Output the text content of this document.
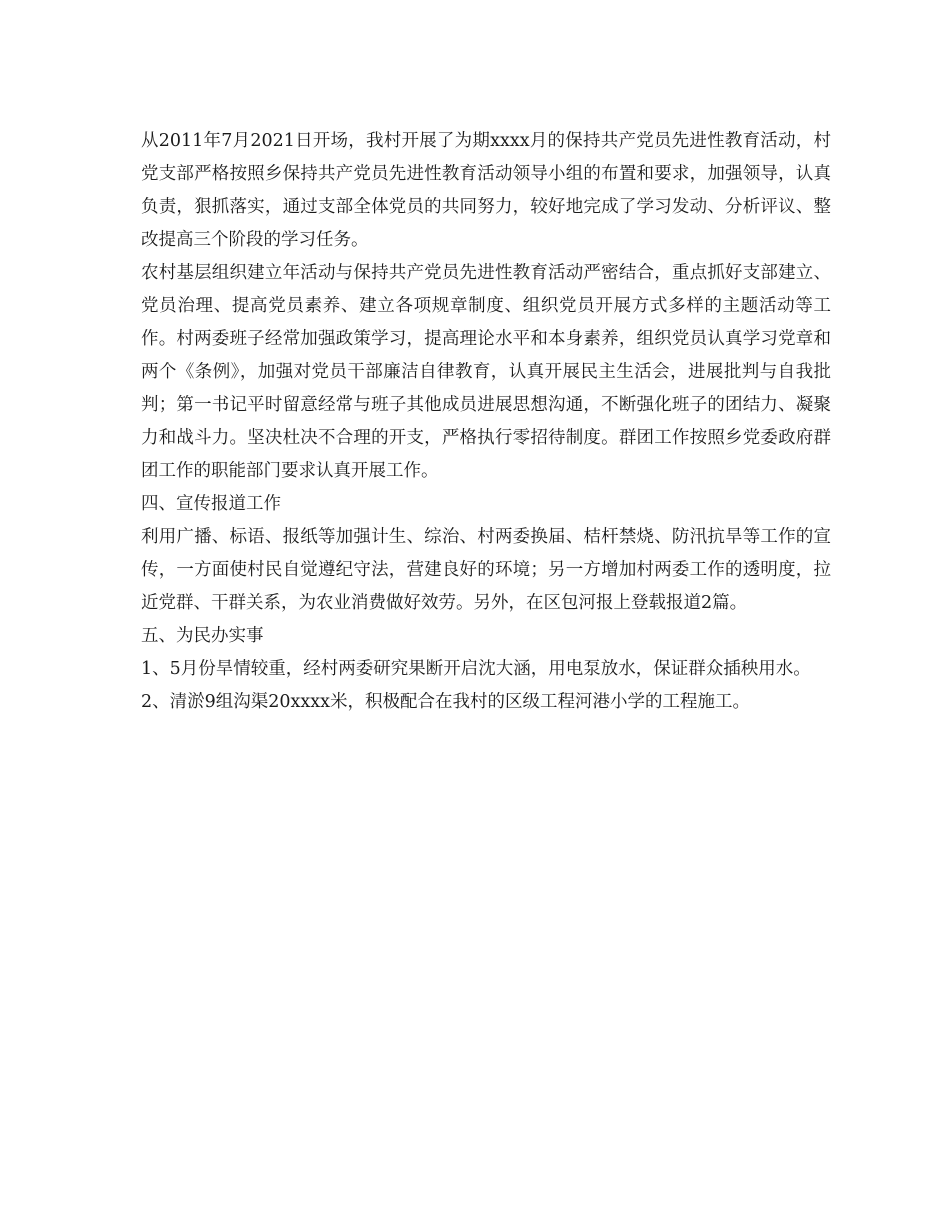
从2011年7月2021日开场，我村开展了为期xxxx月的保持共产党员先进性教育活动，村党支部严格按照乡保持共产党员先进性教育活动领导小组的布置和要求，加强领导，认真负责，狠抓落实，通过支部全体党员的共同努力，较好地完成了学习发动、分析评议、整改提高三个阶段的学习任务。

农村基层组织建立年活动与保持共产党员先进性教育活动严密结合，重点抓好支部建立、党员治理、提高党员素养、建立各项规章制度、组织党员开展方式多样的主题活动等工作。村两委班子经常加强政策学习，提高理论水平和本身素养，组织党员认真学习党章和两个《条例》，加强对党员干部廉洁自律教育，认真开展民主生活会，进展批判与自我批判；第一书记平时留意经常与班子其他成员进展思想沟通，不断强化班子的团结力、凝聚力和战斗力。坚决杜决不合理的开支，严格执行零招待制度。群团工作按照乡党委政府群团工作的职能部门要求认真开展工作。

四、宣传报道工作

利用广播、标语、报纸等加强计生、综治、村两委换届、桔杆禁烧、防汛抗旱等工作的宣传，一方面使村民自觉遵纪守法，营建良好的环境；另一方增加村两委工作的透明度，拉近党群、干群关系，为农业消费做好效劳。另外，在区包河报上登载报道2篇。

五、为民办实事

1、5月份旱情较重，经村两委研究果断开启沈大涵，用电泵放水，保证群众插秧用水。

2、清淤9组沟渠20xxxx米，积极配合在我村的区级工程河港小学的工程施工。
